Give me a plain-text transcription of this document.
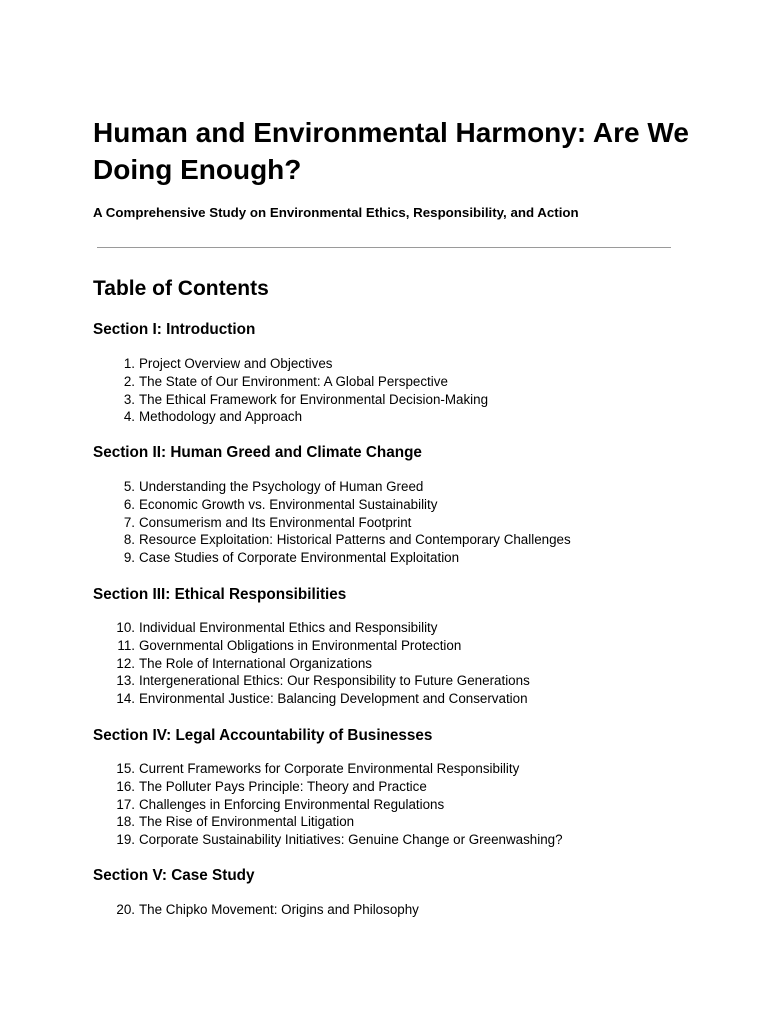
Human and Environmental Harmony: Are We Doing Enough?

A Comprehensive Study on Environmental Ethics, Responsibility, and Action

Table of Contents
Section I: Introduction
1. Project Overview and Objectives
2. The State of Our Environment: A Global Perspective
3. The Ethical Framework for Environmental Decision-Making
4. Methodology and Approach
Section II: Human Greed and Climate Change
5. Understanding the Psychology of Human Greed
6. Economic Growth vs. Environmental Sustainability
7. Consumerism and Its Environmental Footprint
8. Resource Exploitation: Historical Patterns and Contemporary Challenges
9. Case Studies of Corporate Environmental Exploitation
Section III: Ethical Responsibilities
10. Individual Environmental Ethics and Responsibility
11. Governmental Obligations in Environmental Protection
12. The Role of International Organizations
13. Intergenerational Ethics: Our Responsibility to Future Generations
14. Environmental Justice: Balancing Development and Conservation
Section IV: Legal Accountability of Businesses
15. Current Frameworks for Corporate Environmental Responsibility
16. The Polluter Pays Principle: Theory and Practice
17. Challenges in Enforcing Environmental Regulations
18. The Rise of Environmental Litigation
19. Corporate Sustainability Initiatives: Genuine Change or Greenwashing?
Section V: Case Study
20. The Chipko Movement: Origins and Philosophy
